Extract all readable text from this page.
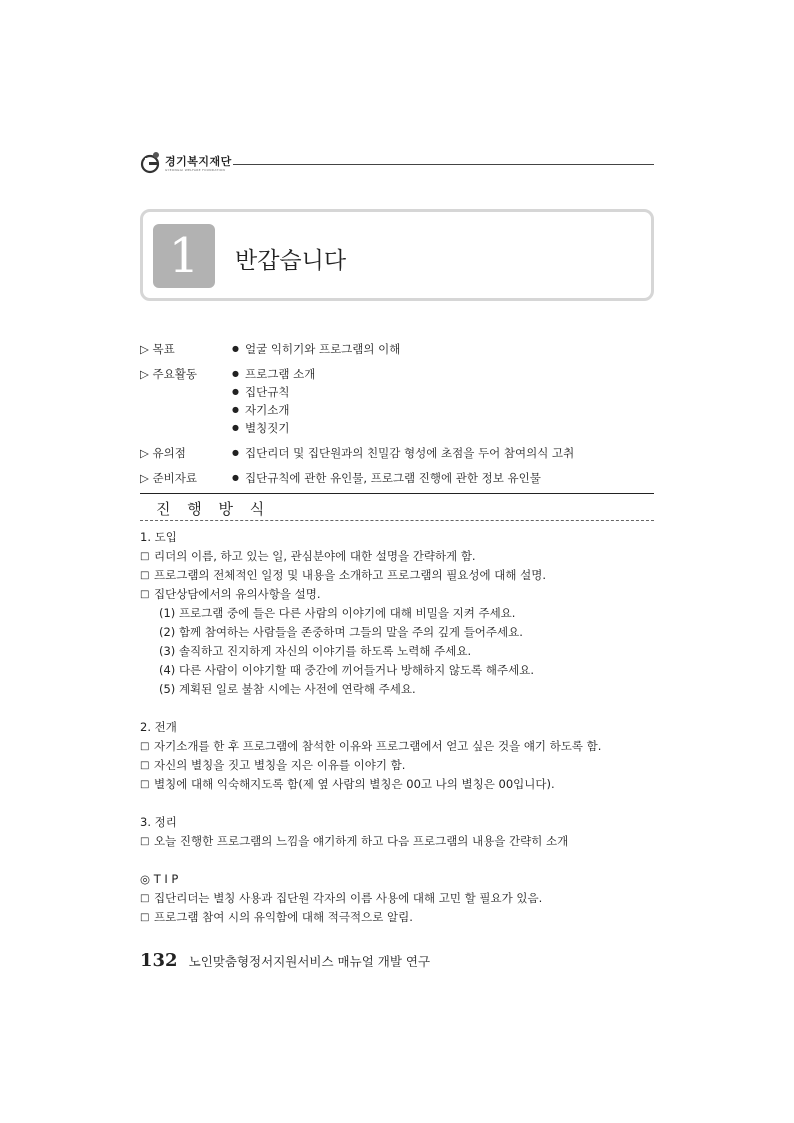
경기복지재단
GYEONGGI WELFARE FOUNDATION
1	반갑습니다
▷ 목표	● 얼굴 익히기와 프로그램의 이해
▷ 주요활동	● 프로그램 소개
● 집단규칙
● 자기소개
● 별칭짓기
▷ 유의점	● 집단리더 및 집단원과의 친밀감 형성에 초점을 두어 참여의식 고취
▷ 준비자료	● 집단규칙에 관한 유인물, 프로그램 진행에 관한 정보 유인물
진 행 방 식
1. 도입
□ 리더의 이름, 하고 있는 일, 관심분야에 대한 설명을 간략하게 함.
□ 프로그램의 전체적인 일정 및 내용을 소개하고 프로그램의 필요성에 대해 설명.
□ 집단상담에서의 유의사항을 설명.
(1) 프로그램 중에 들은 다른 사람의 이야기에 대해 비밀을 지켜 주세요.
(2) 함께 참여하는 사람들을 존중하며 그들의 말을 주의 깊게 들어주세요.
(3) 솔직하고 진지하게 자신의 이야기를 하도록 노력해 주세요.
(4) 다른 사람이 이야기할 때 중간에 끼어들거나 방해하지 않도록 해주세요.
(5) 계획된 일로 불참 시에는 사전에 연락해 주세요.
2. 전개
□ 자기소개를 한 후 프로그램에 참석한 이유와 프로그램에서 얻고 싶은 것을 얘기 하도록 함.
□ 자신의 별칭을 짓고 별칭을 지은 이유를 이야기 함.
□ 별칭에 대해 익숙해지도록 함(제 옆 사람의 별칭은 00고 나의 별칭은 00입니다).
3. 정리
□ 오늘 진행한 프로그램의 느낌을 얘기하게 하고 다음 프로그램의 내용을 간략히 소개
◎ T I P
□ 집단리더는 별칭 사용과 집단원 각자의 이름 사용에 대해 고민 할 필요가 있음.
□ 프로그램 참여 시의 유익함에 대해 적극적으로 알림.
132 노인맞춤형정서지원서비스 매뉴얼 개발 연구
